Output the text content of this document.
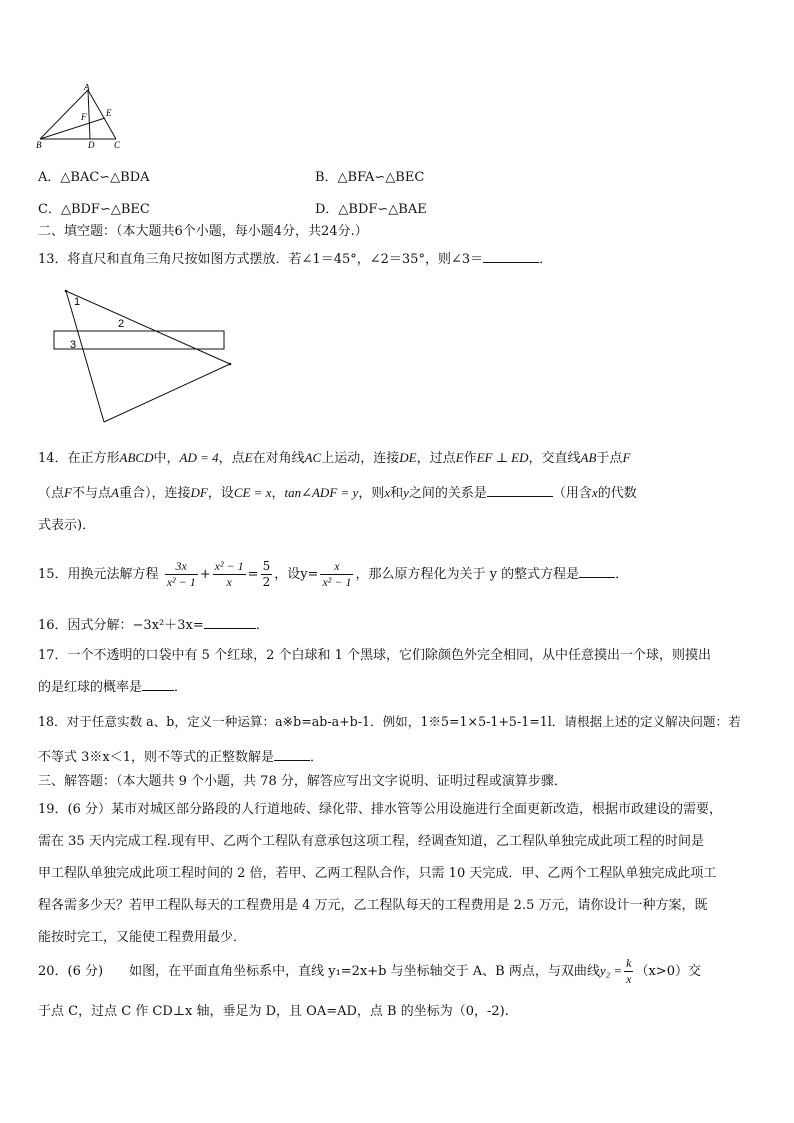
A
B	C
D
E
F
A．△BAC∽△BDA	B．△BFA∽△BEC
C．△BDF∽△BEC	D．△BDF∽△BAE
二、填空题：（本大题共6个小题，每小题4分，共24分.）
13．将直尺和直角三角尺按如图方式摆放．若∠1＝45°，∠2＝35°，则∠3＝	．
1
2
3
14．在正方形ABCD中，AD = 4，点E在对角线AC上运动，连接DE，过点E作EF ⊥ ED，交直线AB于点F
（点F不与点A重合），连接DF，设CE = x，tan∠ADF = y，则x和y之间的关系是	（用含x的代数
式表示)．
15．用换元法解方程 $\frac{3x}{\text{x² − 1}} + \frac{\text{x² − 1}}{x} = \frac{5}{2}$ ，设$y= \frac{x}{\text{x² − 1}}$ ，那么原方程化为关于 y 的整式方程是	．
16．因式分解：−3x²＋3x=	．
17．一个不透明的口袋中有 5 个红球，2 个白球和 1 个黑球，它们除颜色外完全相同，从中任意摸出一个球，则摸出
的是红球的概率是 ．
18．对于任意实数 a、b，定义一种运算：a※b=ab-a+b-1．例如，1※5=1×5-1+5-1=1l．请根据上述的定义解决问题：若
不等式 3※x＜1，则不等式的正整数解是	．
三、解答题：（本大题共 9 个小题，共 78 分，解答应写出文字说明、证明过程或演算步骤．
19．(6 分）某市对城区部分路段的人行道地砖、绿化带、排水管等公用设施进行全面更新改造，根据市政建设的需要，
需在 35 天内完成工程.现有甲、乙两个工程队有意承包这项工程，经调查知道，乙工程队单独完成此项工程的时间是
甲工程队单独完成此项工程时间的 2 倍，若甲、乙两工程队合作，只需 10 天完成．甲、乙两个工程队单独完成此项工
程各需多少天？若甲工程队每天的工程费用是 4 万元，乙工程队每天的工程费用是 2.5 万元，请你设计一种方案，既
能按时完工，又能使工程费用最少．
20．(6 分)　　如图，在平面直角坐标系中，直线 y₁=2x+b 与坐标轴交于 A、B 两点，与双曲线$y_2 = \frac{k}{x} (x>0)$交
于点 C，过点 C 作 CD⊥x 轴，垂足为 D，且 OA=AD，点 B 的坐标为（0，-2).
